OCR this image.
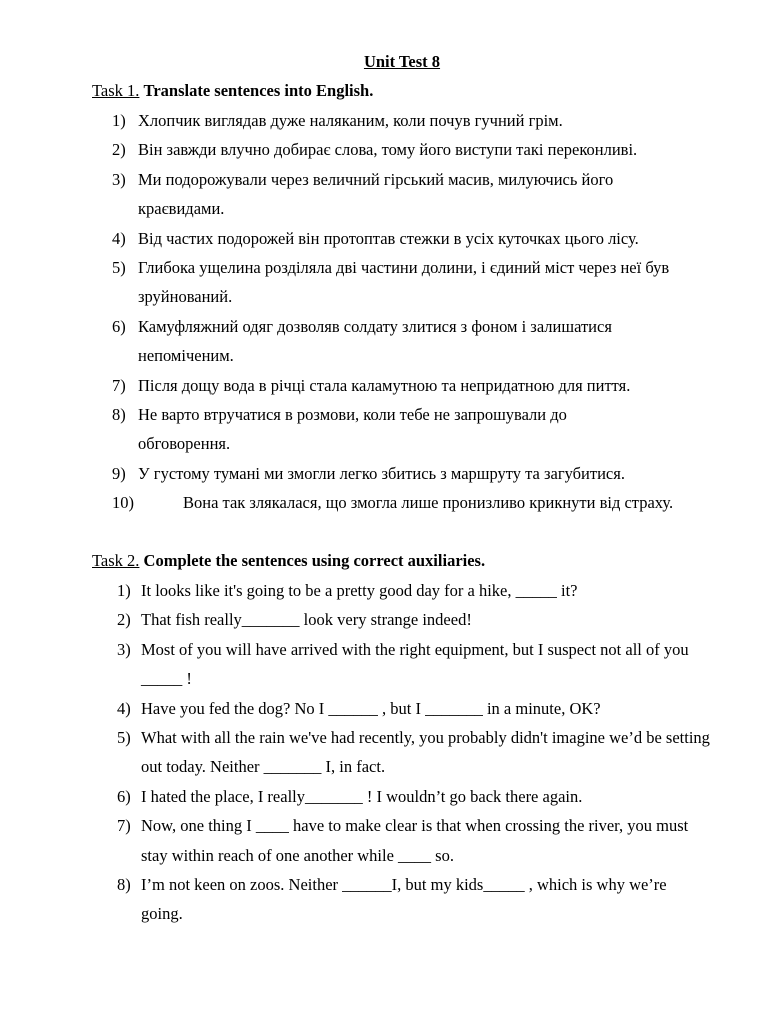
Unit Test 8
Task 1. Translate sentences into English.
1) Хлопчик виглядав дуже наляканим, коли почув гучний грім.
2) Він завжди влучно добирає слова, тому його виступи такі переконливі.
3) Ми подорожували через величний гірський масив, милуючись його краєвидами.
4) Від частих подорожей він протоптав стежки в усіх куточках цього лісу.
5) Глибока ущелина розділяла дві частини долини, і єдиний міст через неї був зруйнований.
6) Камуфляжний одяг дозволяв солдату злитися з фоном і залишатися непоміченим.
7) Після дощу вода в річці стала каламутною та непридатною для пиття.
8) Не варто втручатися в розмови, коли тебе не запрошували до обговорення.
9) У густому тумані ми змогли легко збитись з маршруту та загубитися.
10)	Вона так злякалася, що змогла лише пронизливо крикнути від страху.
Task 2. Complete the sentences using correct auxiliaries.
1) It looks like it's going to be a pretty good day for a hike, _____ it?
2) That fish really_______ look very strange indeed!
3) Most of you will have arrived with the right equipment, but I suspect not all of you _____ !
4) Have you fed the dog? No I ______ , but I _______ in a minute, OK?
5) What with all the rain we've had recently, you probably didn't imagine we’d be setting out today. Neither _______ I, in fact.
6) I hated the place, I really_______ ! I wouldn’t go back there again.
7) Now, one thing I ____ have to make clear is that when crossing the river, you must stay within reach of one another while ____ so.
8) I’m not keen on zoos. Neither ______I, but my kids_____ , which is why we’re going.
